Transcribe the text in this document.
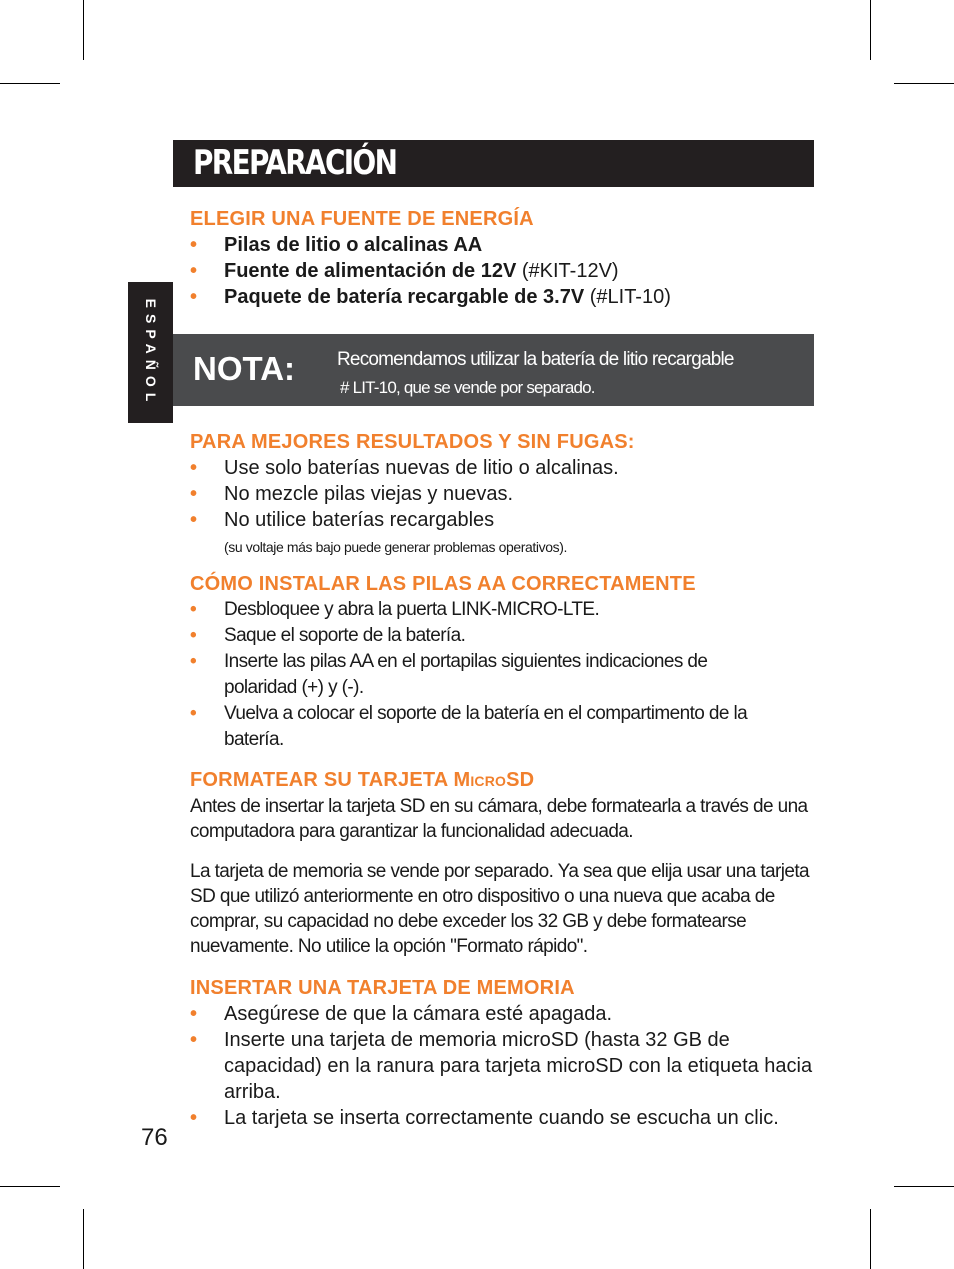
PREPARACIÓN
ESPAÑOL NOTA: Recomendamos utilizar la batería de litio recargable
# LIT-10, que se vende por separado.
76
ELEGIR UNA FUENTE DE ENERGÍA
• Pilas de litio o alcalinas AA
• Fuente de alimentación de 12V (#KIT-12V)
• Paquete de batería recargable de 3.7V (#LIT-10)
PARA MEJORES RESULTADOS Y SIN FUGAS:
• Use solo baterías nuevas de litio o alcalinas.
• No mezcle pilas viejas y nuevas.
• No utilice baterías recargables
(su voltaje más bajo puede generar problemas operativos).
CÓMO INSTALAR LAS PILAS AA CORRECTAMENTE
• Desbloquee y abra la puerta LINK-MICRO-LTE.
• Saque el soporte de la batería.
• Inserte las pilas AA en el portapilas siguientes indicaciones de polaridad (+) y (-).
• Vuelva a colocar el soporte de la batería en el compartimento de la batería.
FORMATEAR SU TARJETA MICROSD

Antes de insertar la tarjeta SD en su cámara, debe formatearla a través de una computadora para garantizar la funcionalidad adecuada.

La tarjeta de memoria se vende por separado. Ya sea que elija usar una tarjeta SD que utilizó anteriormente en otro dispositivo o una nueva que acaba de comprar, su capacidad no debe exceder los 32 GB y debe formatearse nuevamente. No utilice la opción "Formato rápido".

INSERTAR UNA TARJETA DE MEMORIA
• Asegúrese de que la cámara esté apagada.
• Inserte una tarjeta de memoria microSD (hasta 32 GB de capacidad) en la ranura para tarjeta microSD con la etiqueta hacia arriba.
• La tarjeta se inserta correctamente cuando se escucha un clic.
